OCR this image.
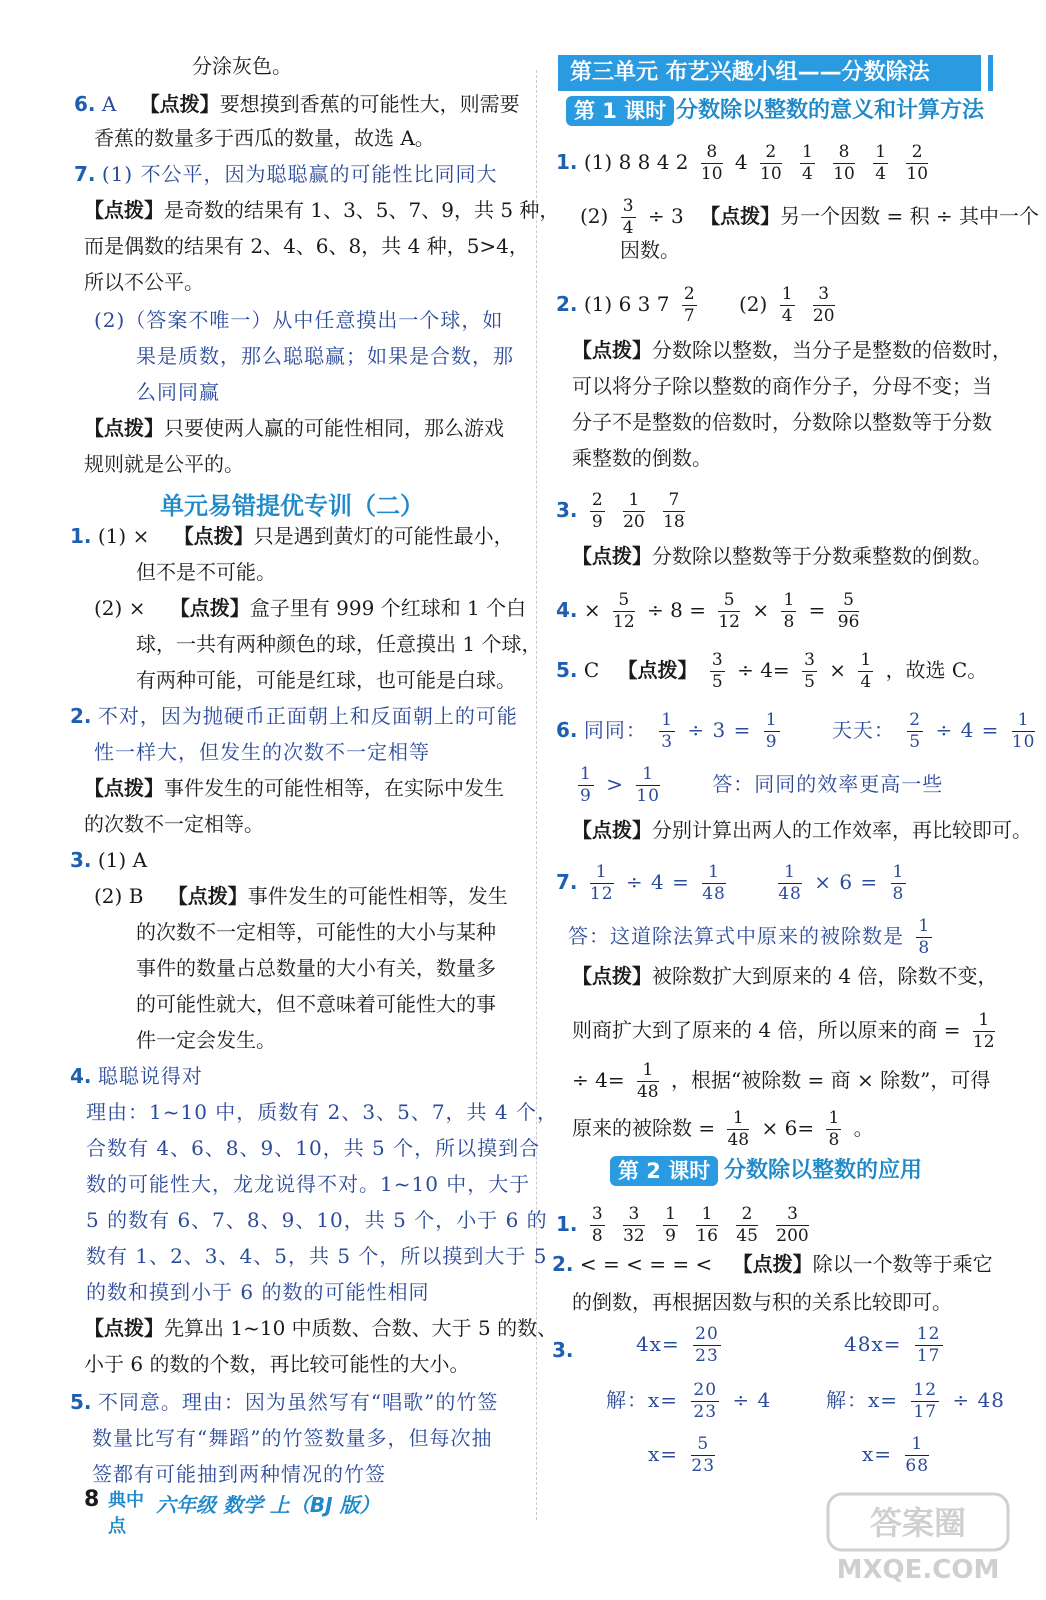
分涂灰色。
6. A 【点拨】要想摸到香蕉的可能性大，则需要
香蕉的数量多于西瓜的数量，故选 A。
7. (1) 不公平，因为聪聪赢的可能性比同同大
【点拨】是奇数的结果有 1、3、5、7、9，共 5 种，
而是偶数的结果有 2、4、6、8，共 4 种，5>4，
所以不公平。
(2)（答案不唯一）从中任意摸出一个球，如
果是质数，那么聪聪赢；如果是合数，那
么同同赢
【点拨】只要使两人赢的可能性相同，那么游戏
规则就是公平的。
单元易错提优专训（二）
1. (1) × 【点拨】只是遇到黄灯的可能性最小，
但不是不可能。
(2) × 【点拨】盒子里有 999 个红球和 1 个白
球，一共有两种颜色的球，任意摸出 1 个球，
有两种可能，可能是红球，也可能是白球。
2. 不对，因为抛硬币正面朝上和反面朝上的可能
性一样大，但发生的次数不一定相等
【点拨】事件发生的可能性相等，在实际中发生
的次数不一定相等。
3. (1) A
(2) B 【点拨】事件发生的可能性相等，发生
的次数不一定相等，可能性的大小与某种
事件的数量占总数量的大小有关，数量多
的可能性就大，但不意味着可能性大的事
件一定会发生。
4. 聪聪说得对
理由：1~10 中，质数有 2、3、5、7，共 4 个，
合数有 4、6、8、9、10，共 5 个，所以摸到合
数的可能性大，龙龙说得不对。1~10 中，大于
5 的数有 6、7、8、9、10，共 5 个，小于 6 的
数有 1、2、3、4、5，共 5 个，所以摸到大于 5
的数和摸到小于 6 的数的可能性相同
【点拨】先算出 1~10 中质数、合数、大于 5 的数、
小于 6 的数的个数，再比较可能性的大小。
5. 不同意。理由：因为虽然写有“唱歌”的竹签
数量比写有“舞蹈”的竹签数量多，但每次抽
签都有可能抽到两种情况的竹签
第三单元 布艺兴趣小组——分数除法
第 1 课时 分数除以整数的意义和计算方法
1. (1) 8 8 4 $2 \frac{8}{10} 4 \frac{2}{10}$
$\frac{1}{4}$
$\frac{8}{10}$
$\frac{1}{4}$
$\frac{2}{10}$
$(2) \frac{3}{4} \div 3$ 【点拨】另一个因数 = 积 ÷ 其中一个
因数。
2. (1) 6 3 $7 \frac{2}{7} (2) \frac{1}{4}$
$\frac{3}{20}$
【点拨】分数除以整数，当分子是整数的倍数时，
可以将分子除以整数的商作分子，分母不变；当
分子不是整数的倍数时，分数除以整数等于分数
乘整数的倒数。
3. $\frac{2}{9}$
$\frac{1}{20}$
$\frac{7}{18}$
【点拨】分数除以整数等于分数乘整数的倒数。
4. × $\frac{5}{12} \div 8 = \frac{5}{12} \times \frac{1}{8} = \frac{5}{96}$
5. C 【点拨】 $\frac{3}{5} \div 4= \frac{3}{5} \times \frac{1}{4}$ ，故选 C。
6. 同同： $\frac{1}{3} \div 3 = \frac{1}{9}$	天天： $\frac{2}{5} \div 4 = \frac{1}{10}$
$\frac{1}{9} > \frac{1}{10}$	答：同同的效率更高一些
【点拨】分别计算出两人的工作效率，再比较即可。
7. $\frac{1}{12} \div 4 = \frac{1}{48}$
	$\frac{1}{48} \times 6 = \frac{1}{8}$
答：这道除法算式中原来的被除数是 $\frac{1}{8}$
【点拨】被除数扩大到原来的 4 倍，除数不变，
则商扩大到了原来的 4 倍，所以原来的商 = $\frac{1}{12}$
÷ $4= \frac{1}{48}$ ，根据“被除数 = 商 × 除数”，可得
原来的被除数 = $\frac{1}{48} \times 6= \frac{1}{8}$ 。
第 2 课时 分数除以整数的应用
1. $\frac{3}{8}$
$\frac{3}{32}$
$\frac{1}{9}$
$\frac{1}{16}$
$\frac{2}{45}$
$\frac{3}{200}$
2. < = < = = < 【点拨】除以一个数等于乘它
的倒数，再根据因数与积的关系比较即可。
3.	$4x= \frac{20}{23}$	$48x= \frac{12}{17}$
解：$x= \frac{20}{23} \div 4$	解：$x= \frac{12}{17} \div 48$
$x= \frac{5}{23}$	$x= \frac{1}{68}$
8 典中点
六年级 数学 上（BJ 版）	答案圈
MXQE.COM
